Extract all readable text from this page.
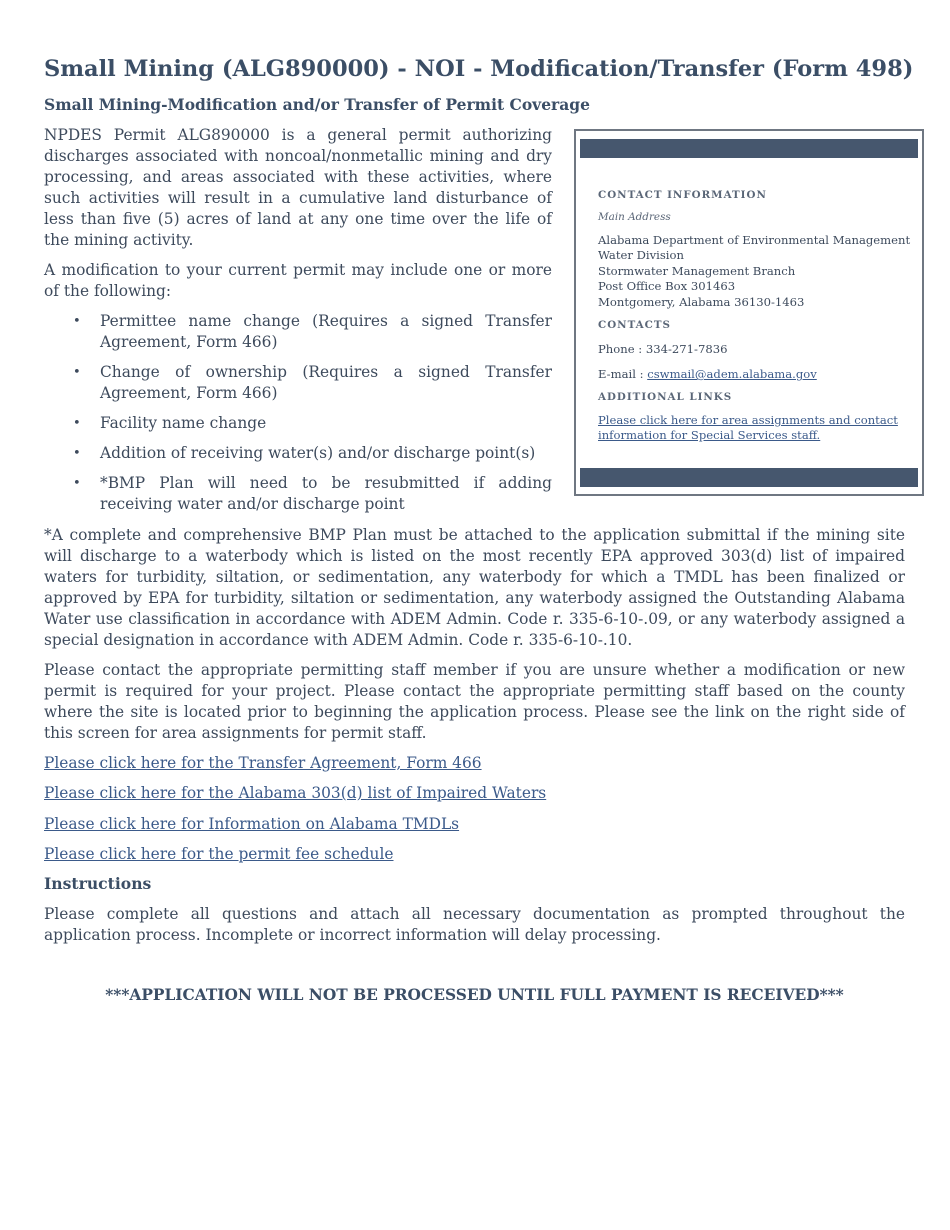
Small Mining (ALG890000) - NOI - Modification/Transfer (Form 498)
Small Mining-Modification and/or Transfer of Permit Coverage

NPDES Permit ALG890000 is a general permit authorizing discharges associated with noncoal/nonmetallic mining and dry processing, and areas associated with these activities, where such activities will result in a cumulative land disturbance of less than five (5) acres of land at any one time over the life of the mining activity.

A modification to your current permit may include one or more of the following:

• Permittee name change (Requires a signed Transfer Agreement, Form 466)
• Change of ownership (Requires a signed Transfer Agreement, Form 466)
• Facility name change
• Addition of receiving water(s) and/or discharge point(s)
• *BMP Plan will need to be resubmitted if adding receiving water and/or discharge point

*A complete and comprehensive BMP Plan must be attached to the application submittal if the mining site will discharge to a waterbody which is listed on the most recently EPA approved 303(d) list of impaired waters for turbidity, siltation, or sedimentation, any waterbody for which a TMDL has been finalized or approved by EPA for turbidity, siltation or sedimentation, any waterbody assigned the Outstanding Alabama Water use classification in accordance with ADEM Admin. Code r. 335-6-10-.09, or any waterbody assigned a special designation in accordance with ADEM Admin. Code r. 335-6-10-.10.

Please contact the appropriate permitting staff member if you are unsure whether a modification or new permit is required for your project. Please contact the appropriate permitting staff based on the county where the site is located prior to beginning the application process. Please see the link on the right side of this screen for area assignments for permit staff.

Please click here for the Transfer Agreement, Form 466
Please click here for the Alabama 303(d) list of Impaired Waters
Please click here for Information on Alabama TMDLs
Please click here for the permit fee schedule
Instructions

Please complete all questions and attach all necessary documentation as prompted throughout the application process. Incomplete or incorrect information will delay processing.

***APPLICATION WILL NOT BE PROCESSED UNTIL FULL PAYMENT IS RECEIVED***
CONTACT INFORMATION
Main Address
Alabama Department of Environmental Management
Water Division
Stormwater Management Branch
Post Office Box 301463
Montgomery, Alabama 36130-1463
CONTACTS
Phone : 334-271-7836
E-mail : cswmail@adem.alabama.gov
ADDITIONAL LINKS
Please click here for area assignments and contact
information for Special Services staff.
